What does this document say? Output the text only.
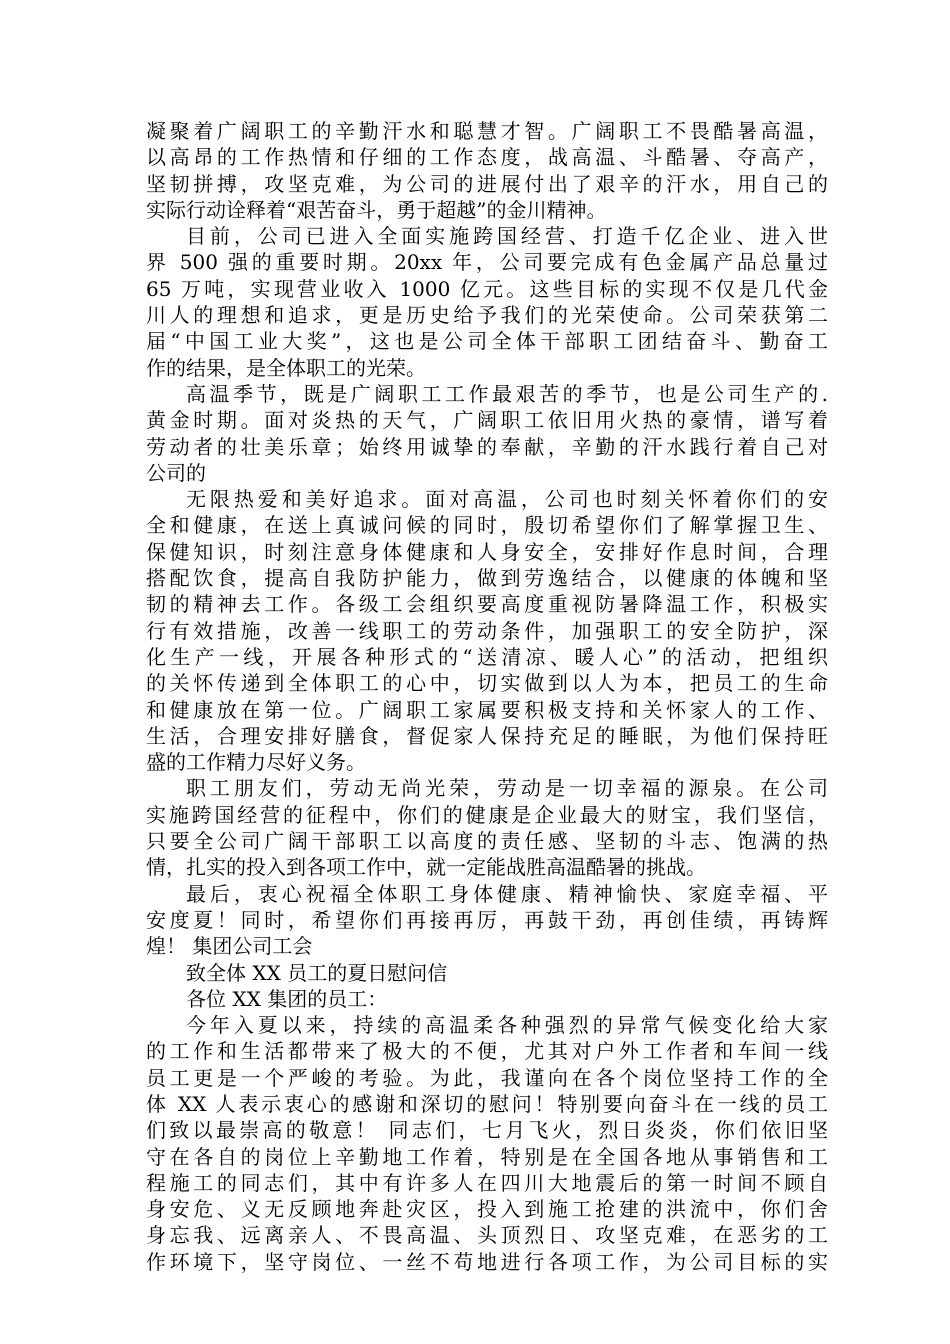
凝聚着广阔职工的辛勤汗水和聪慧才智。广阔职工不畏酷暑高温，
以高昂的工作热情和仔细的工作态度，战高温、斗酷暑、夺高产，
坚韧拼搏，攻坚克难，为公司的进展付出了艰辛的汗水，用自己的
实际行动诠释着“艰苦奋斗，勇于超越”的金川精神。
目前，公司已进入全面实施跨国经营、打造千亿企业、进入世
界 500 强的重要时期。20xx 年，公司要完成有色金属产品总量过
65 万吨，实现营业收入 1000 亿元。这些目标的实现不仅是几代金
川人的理想和追求，更是历史给予我们的光荣使命。公司荣获第二
届“中国工业大奖”，这也是公司全体干部职工团结奋斗、勤奋工
作的结果，是全体职工的光荣。
高温季节，既是广阔职工工作最艰苦的季节，也是公司生产的.
黄金时期。面对炎热的天气，广阔职工依旧用火热的豪情，谱写着
劳动者的壮美乐章；始终用诚挚的奉献，辛勤的汗水践行着自己对
公司的
无限热爱和美好追求。面对高温，公司也时刻关怀着你们的安
全和健康，在送上真诚问候的同时，殷切希望你们了解掌握卫生、
保健知识，时刻注意身体健康和人身安全，安排好作息时间，合理
搭配饮食，提高自我防护能力，做到劳逸结合，以健康的体魄和坚
韧的精神去工作。各级工会组织要高度重视防暑降温工作，积极实
行有效措施，改善一线职工的劳动条件，加强职工的安全防护，深
化生产一线，开展各种形式的“送清凉、暖人心”的活动，把组织
的关怀传递到全体职工的心中，切实做到以人为本，把员工的生命
和健康放在第一位。广阔职工家属要积极支持和关怀家人的工作、
生活，合理安排好膳食，督促家人保持充足的睡眠，为他们保持旺
盛的工作精力尽好义务。
职工朋友们，劳动无尚光荣，劳动是一切幸福的源泉。在公司
实施跨国经营的征程中，你们的健康是企业最大的财宝，我们坚信，
只要全公司广阔干部职工以高度的责任感、坚韧的斗志、饱满的热
情，扎实的投入到各项工作中，就一定能战胜高温酷暑的挑战。
最后，衷心祝福全体职工身体健康、精神愉快、家庭幸福、平
安度夏！同时，希望你们再接再厉，再鼓干劲，再创佳绩，再铸辉
煌！ 集团公司工会
致全体 XX 员工的夏日慰问信
各位 XX 集团的员工：
今年入夏以来，持续的高温柔各种强烈的异常气候变化给大家
的工作和生活都带来了极大的不便，尤其对户外工作者和车间一线
员工更是一个严峻的考验。为此，我谨向在各个岗位坚持工作的全
体 XX 人表示衷心的感谢和深切的慰问！特别要向奋斗在一线的员工
们致以最崇高的敬意！ 同志们，七月飞火，烈日炎炎，你们依旧坚
守在各自的岗位上辛勤地工作着，特别是在全国各地从事销售和工
程施工的同志们，其中有许多人在四川大地震后的第一时间不顾自
身安危、义无反顾地奔赴灾区，投入到施工抢建的洪流中，你们舍
身忘我、远离亲人、不畏高温、头顶烈日、攻坚克难，在恶劣的工
作环境下，坚守岗位、一丝不苟地进行各项工作，为公司目标的实
